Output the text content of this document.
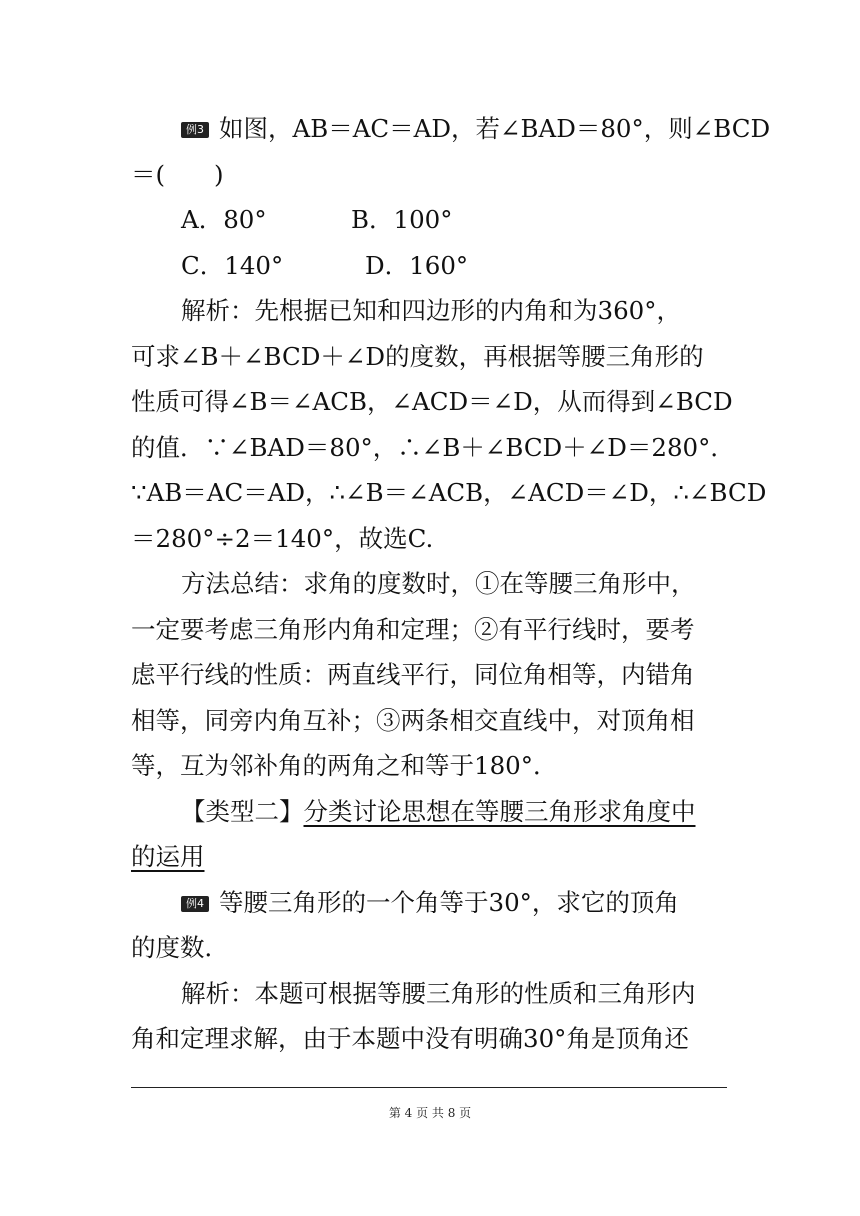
例3 如图，AB＝AC＝AD，若∠BAD＝80°，则∠BCD
＝(　　)
A．80°	B．100°
C．140°	D．160°
解析：先根据已知和四边形的内角和为360°，
可求∠B＋∠BCD＋∠D的度数，再根据等腰三角形的
性质可得∠B＝∠ACB，∠ACD＝∠D，从而得到∠BCD
的值．∵∠BAD＝80°，∴∠B＋∠BCD＋∠D＝280°．
∵AB＝AC＝AD，∴∠B＝∠ACB，∠ACD＝∠D，∴∠BCD
＝280°÷2＝140°，故选C.
方法总结：求角的度数时，①在等腰三角形中，
一定要考虑三角形内角和定理；②有平行线时，要考
虑平行线的性质：两直线平行，同位角相等，内错角
相等，同旁内角互补；③两条相交直线中，对顶角相
等，互为邻补角的两角之和等于180°．
【类型二】分类讨论思想在等腰三角形求角度中
的运用
例4 等腰三角形的一个角等于30°，求它的顶角
的度数．
解析：本题可根据等腰三角形的性质和三角形内
角和定理求解，由于本题中没有明确30°角是顶角还
第 4 页 共 8 页
